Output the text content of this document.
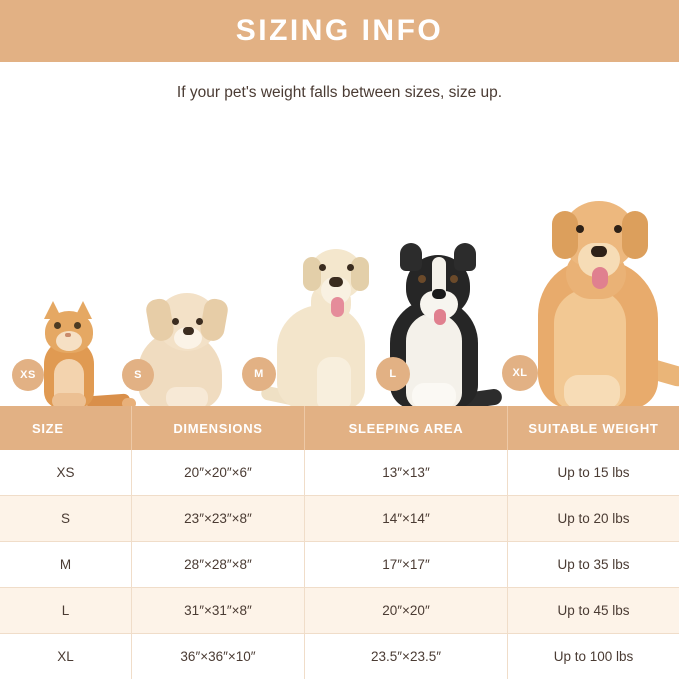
SIZING INFO
If your pet's weight falls between sizes, size up.
XS	S	M	L	XL
SIZE	DIMENSIONS	SLEEPING AREA	SUITABLE WEIGHT
XS	20″×20″×6″	13″×13″	Up to 15 lbs
S	23″×23″×8″	14″×14″	Up to 20 lbs
M	28″×28″×8″	17″×17″	Up to 35 lbs
L	31″×31″×8″	20″×20″	Up to 45 lbs
XL	36″×36″×10″	23.5″×23.5″	Up to 100 lbs
